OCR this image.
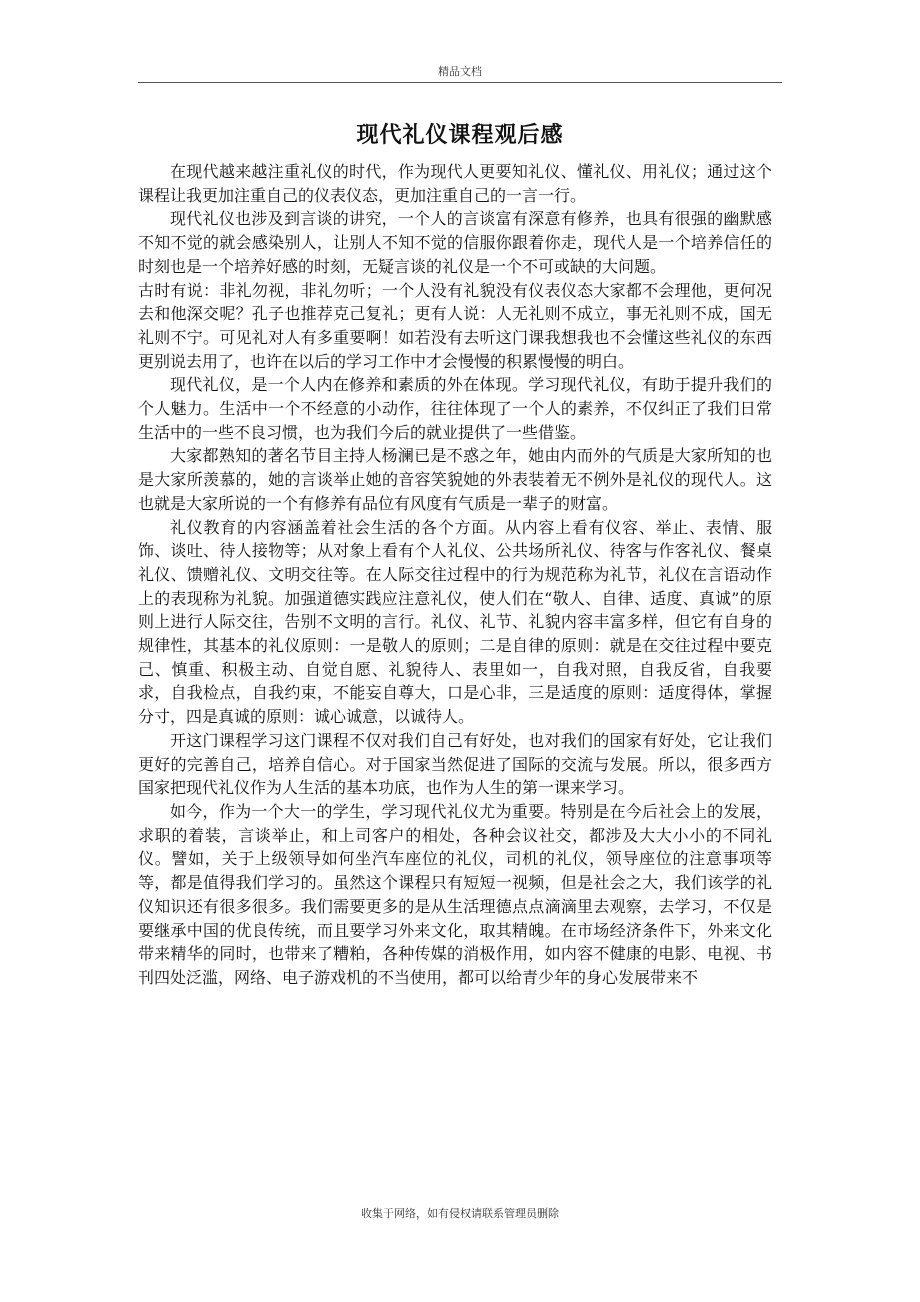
精品文档
现代礼仪课程观后感

在现代越来越注重礼仪的时代，作为现代人更要知礼仪、懂礼仪、用礼仪；通过这个课程让我更加注重自己的仪表仪态，更加注重自己的一言一行。

现代礼仪也涉及到言谈的讲究，一个人的言谈富有深意有修养，也具有很强的幽默感不知不觉的就会感染别人，让别人不知不觉的信服你跟着你走，现代人是一个培养信任的时刻也是一个培养好感的时刻，无疑言谈的礼仪是一个不可或缺的大问题。

古时有说：非礼勿视，非礼勿听；一个人没有礼貌没有仪表仪态大家都不会理他，更何况去和他深交呢？孔子也推荐克己复礼；更有人说：人无礼则不成立，事无礼则不成，国无礼则不宁。可见礼对人有多重要啊！如若没有去听这门课我想我也不会懂这些礼仪的东西更别说去用了，也许在以后的学习工作中才会慢慢的积累慢慢的明白。

现代礼仪，是一个人内在修养和素质的外在体现。学习现代礼仪，有助于提升我们的个人魅力。生活中一个不经意的小动作，往往体现了一个人的素养，不仅纠正了我们日常生活中的一些不良习惯，也为我们今后的就业提供了一些借鉴。

大家都熟知的著名节目主持人杨澜已是不惑之年，她由内而外的气质是大家所知的也是大家所羡慕的，她的言谈举止她的音容笑貌她的外表装着无不例外是礼仪的现代人。这也就是大家所说的一个有修养有品位有风度有气质是一辈子的财富。

礼仪教育的内容涵盖着社会生活的各个方面。从内容上看有仪容、举止、表情、服饰、谈吐、待人接物等；从对象上看有个人礼仪、公共场所礼仪、待客与作客礼仪、餐桌礼仪、馈赠礼仪、文明交往等。在人际交往过程中的行为规范称为礼节，礼仪在言语动作上的表现称为礼貌。加强道德实践应注意礼仪，使人们在“敬人、自律、适度、真诚”的原则上进行人际交往，告别不文明的言行。礼仪、礼节、礼貌内容丰富多样，但它有自身的规律性，其基本的礼仪原则：一是敬人的原则；二是自律的原则：就是在交往过程中要克己、慎重、积极主动、自觉自愿、礼貌待人、表里如一，自我对照，自我反省，自我要求，自我检点，自我约束，不能妄自尊大，口是心非，三是适度的原则：适度得体，掌握分寸，四是真诚的原则：诚心诚意，以诚待人。

开这门课程学习这门课程不仅对我们自己有好处，也对我们的国家有好处，它让我们更好的完善自己，培养自信心。对于国家当然促进了国际的交流与发展。所以，很多西方国家把现代礼仪作为人生活的基本功底，也作为人生的第一课来学习。

如今，作为一个大一的学生，学习现代礼仪尤为重要。特别是在今后社会上的发展，求职的着装，言谈举止，和上司客户的相处，各种会议社交，都涉及大大小小的不同礼仪。譬如，关于上级领导如何坐汽车座位的礼仪，司机的礼仪，领导座位的注意事项等等，都是值得我们学习的。虽然这个课程只有短短一视频，但是社会之大，我们该学的礼仪知识还有很多很多。我们需要更多的是从生活理德点点滴滴里去观察，去学习，不仅是要继承中国的优良传统，而且要学习外来文化，取其精魄。在市场经济条件下，外来文化带来精华的同时，也带来了糟粕，各种传媒的消极作用，如内容不健康的电影、电视、书刊四处泛滥，网络、电子游戏机的不当使用，都可以给青少年的身心发展带来不

收集于网络，如有侵权请联系管理员删除
